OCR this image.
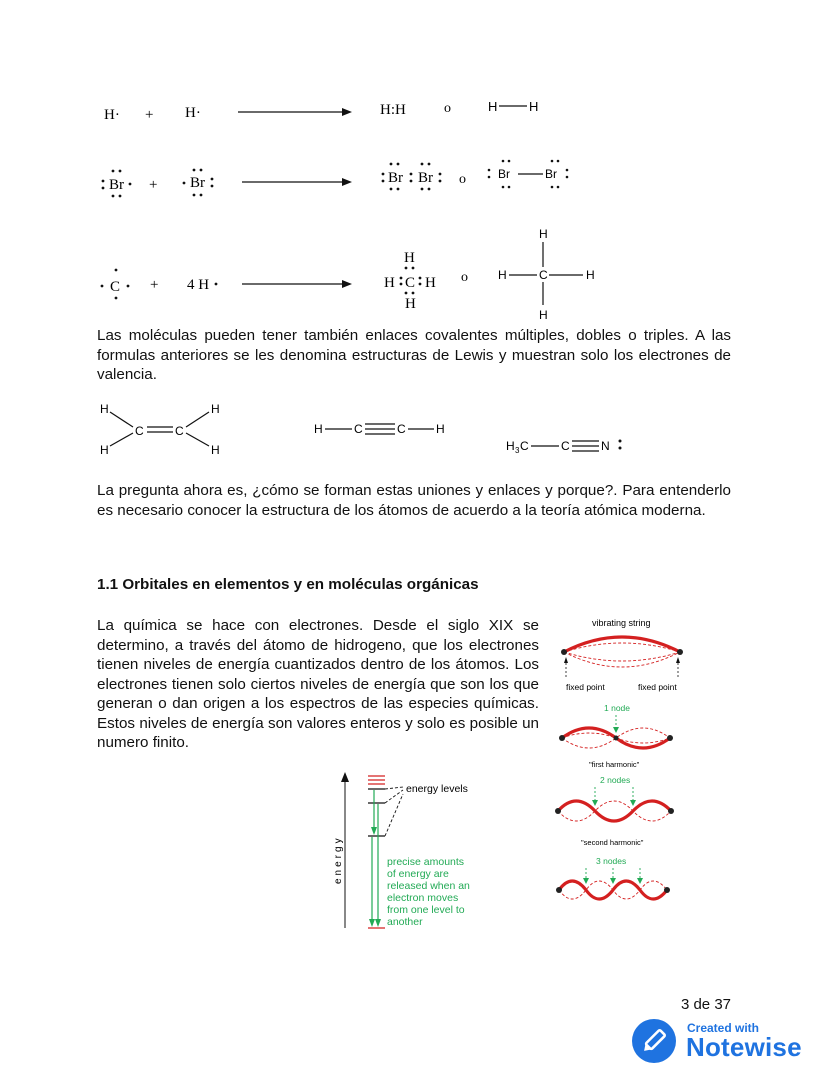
H· + H·	H:H	o	H H
Br + Br	Br Br o	Br	Br
C + 4 H
H
H C H
H
o
H
H	C	H
H
Las moléculas pueden tener también enlaces covalentes múltiples, dobles o triples. A las formulas anteriores se les denomina estructuras de Lewis y muestran solo los electrones de valencia.
H
H
H
H
C	C	H	C	C	H
H 3 C	C	N
La pregunta ahora es, ¿cómo se forman estas uniones y enlaces y porque?. Para entenderlo es necesario conocer la estructura de los átomos de acuerdo a la teoría atómica moderna.
1.1 Orbitales en elementos y en moléculas orgánicas
La química se hace con electrones. Desde el siglo XIX se determino, a través del átomo de hidrogeno, que los electrones tienen niveles de energía cuantizados dentro de los átomos. Los electrones tienen solo ciertos niveles de energía que son los que generan o dan origen a los espectros de las especies químicas. Estos niveles de energía son valores enteros y solo es posible un numero finito.
energy
energy levels
precise amounts
of energy are
released when an
electron moves
from one level to
another
vibrating string
fixed point	fixed point
1 node
"first harmonic"
2 nodes
"second harmonic"
3 nodes
3 de 37
Created with
Notewise
